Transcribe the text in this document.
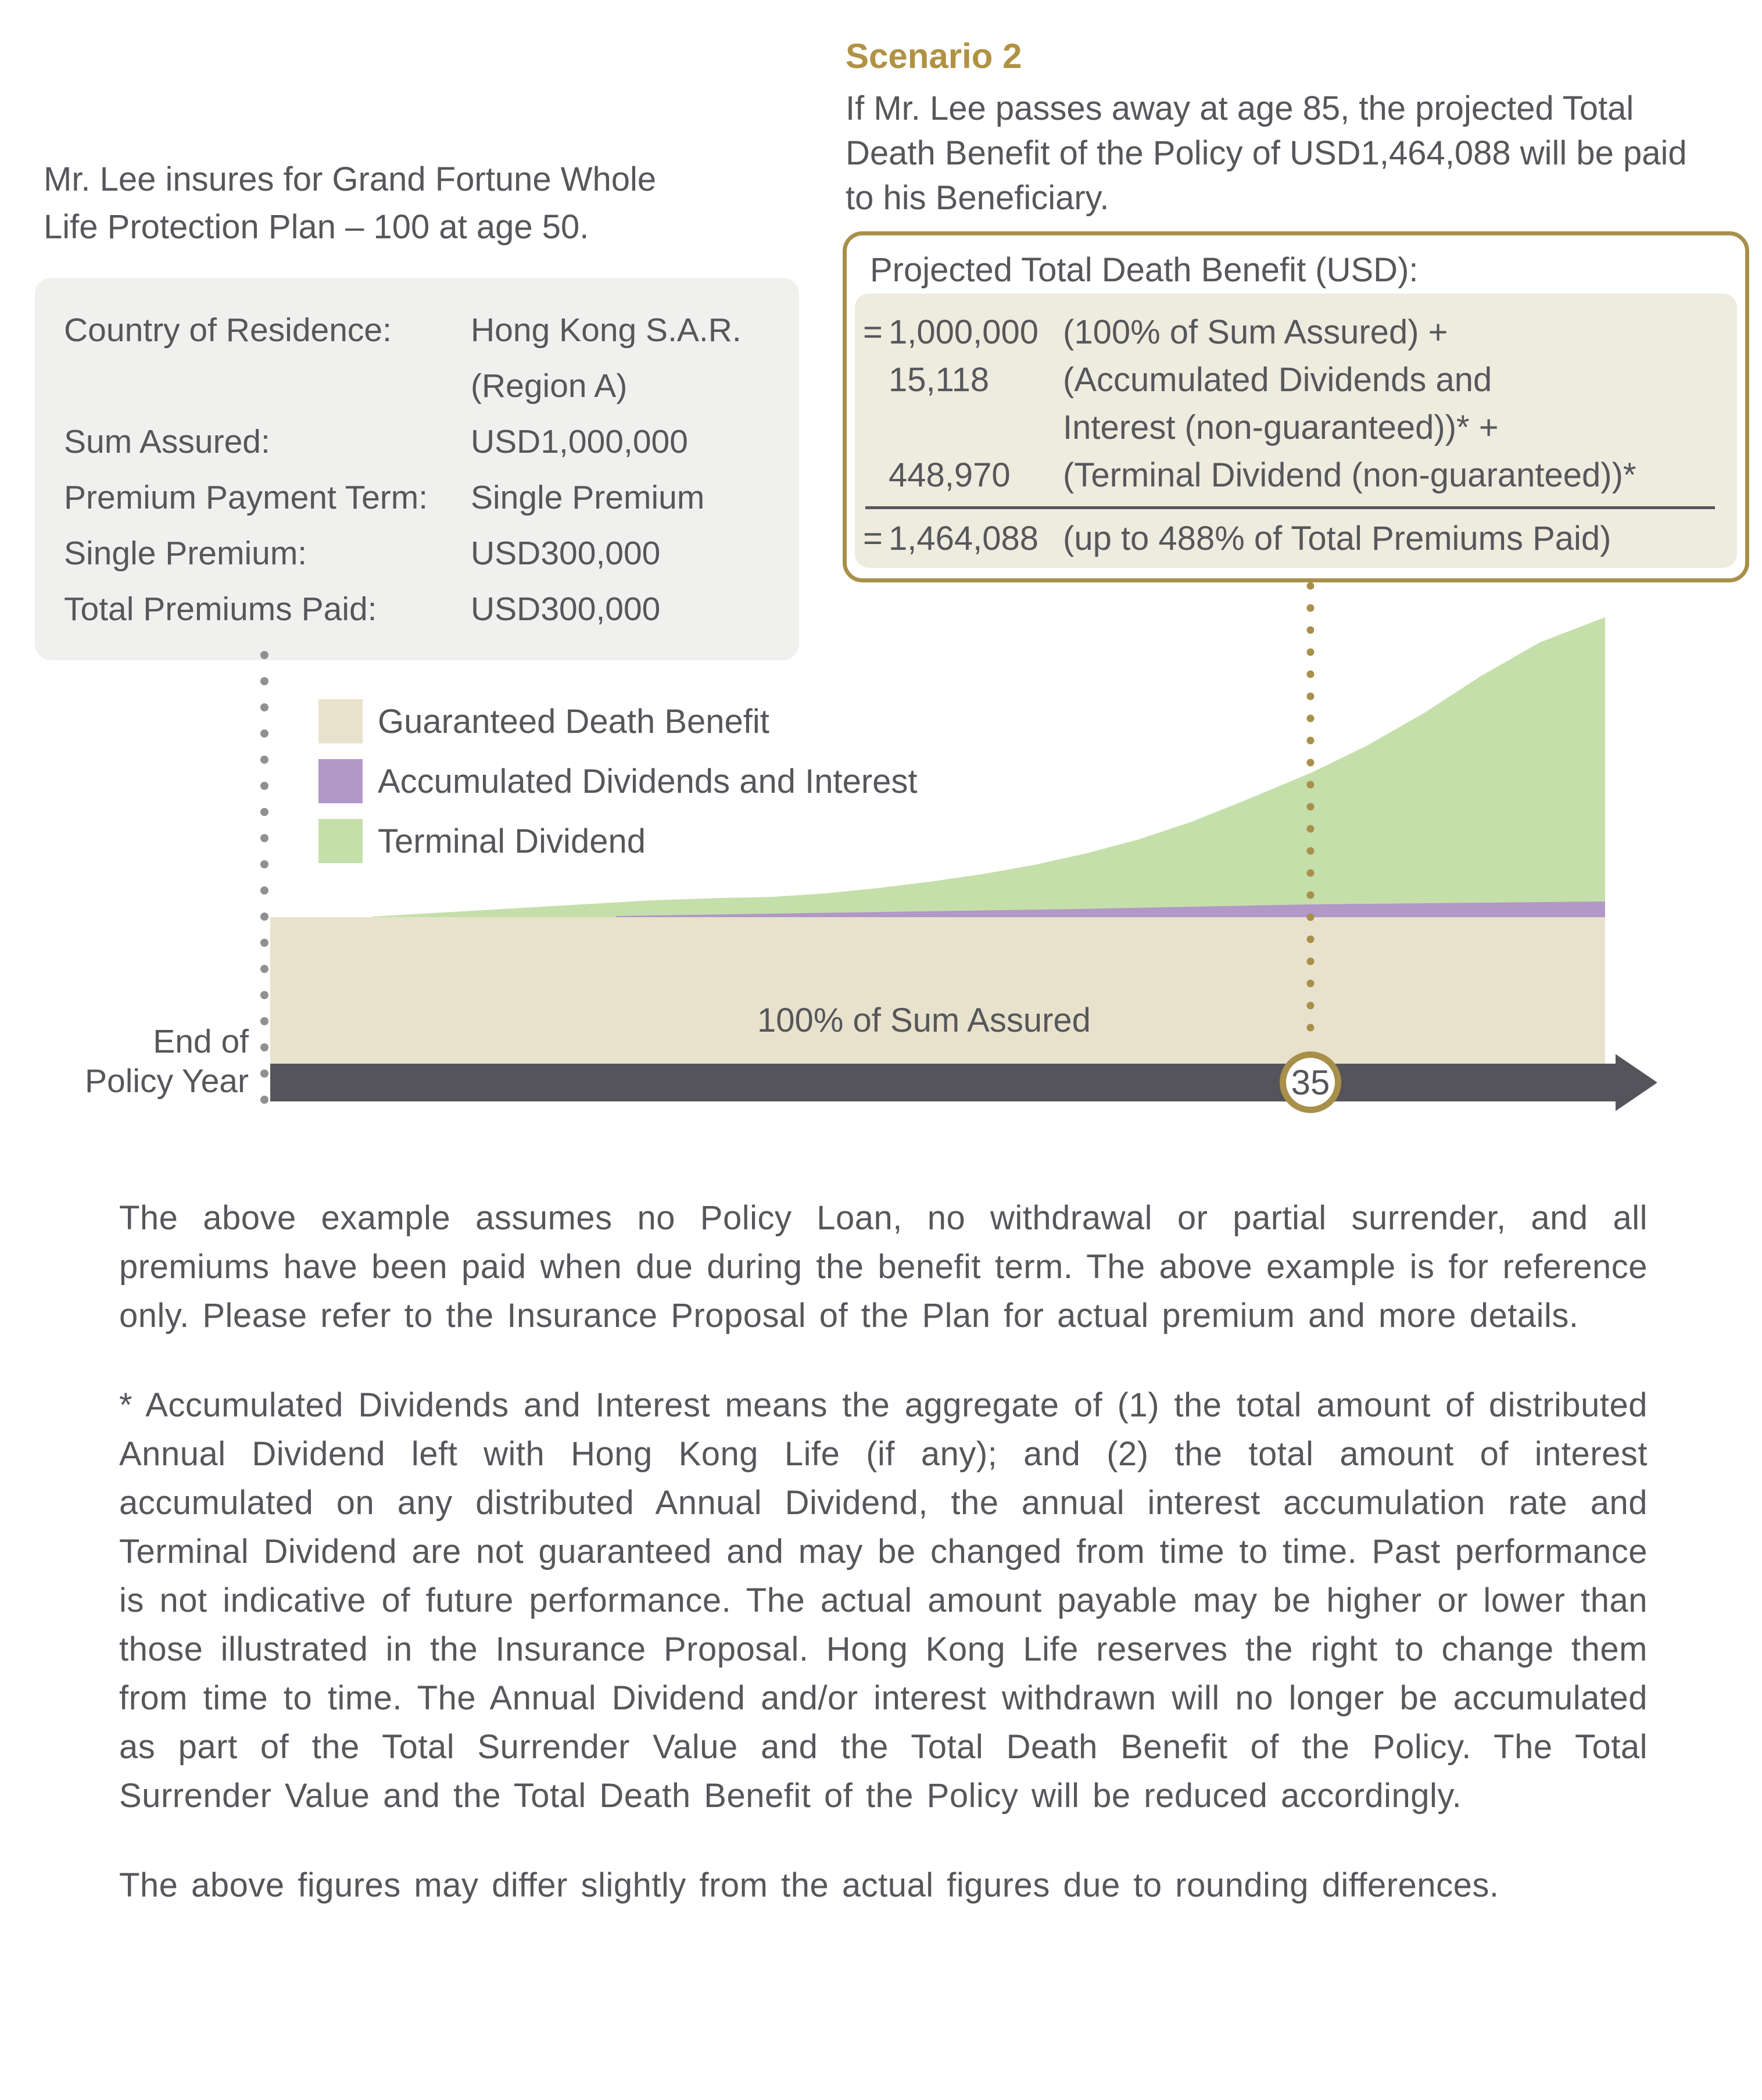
Mr. Lee insures for Grand Fortune Whole Life Protection Plan – 100 at age 50.
Country of Residence:	Hong Kong S.A.R.
(Region A)
Sum Assured:	USD1,000,000
Premium Payment Term:	Single Premium
Single Premium:	USD300,000
Total Premiums Paid:	USD300,000
Scenario 2
If Mr. Lee passes away at age 85, the projected Total Death Benefit of the Policy of USD1,464,088 will be paid to his Beneficiary.
Projected Total Death Benefit (USD):
= 1,000,000 (100% of Sum Assured) +
15,118	(Accumulated Dividends and
Interest (non-guaranteed))* +
448,970	(Terminal Dividend (non-guaranteed))*
= 1,464,088 (up to 488% of Total Premiums Paid)
Guaranteed Death Benefit
Accumulated Dividends and Interest
Terminal Dividend
100% of Sum Assured
End of
Policy Year	35

The above example assumes no Policy Loan, no withdrawal or partial surrender, and all premiums have been paid when due during the benefit term. The above example is for reference only. Please refer to the Insurance Proposal of the Plan for actual premium and more details.

* Accumulated Dividends and Interest means the aggregate of (1) the total amount of distributed Annual Dividend left with Hong Kong Life (if any); and (2) the total amount of interest accumulated on any distributed Annual Dividend, the annual interest accumulation rate and Terminal Dividend are not guaranteed and may be changed from time to time. Past performance is not indicative of future performance. The actual amount payable may be higher or lower than those illustrated in the Insurance Proposal. Hong Kong Life reserves the right to change them from time to time. The Annual Dividend and/or interest withdrawn will no longer be accumulated as part of the Total Surrender Value and the Total Death Benefit of the Policy. The Total Surrender Value and the Total Death Benefit of the Policy will be reduced accordingly.

The above figures may differ slightly from the actual figures due to rounding differences.
